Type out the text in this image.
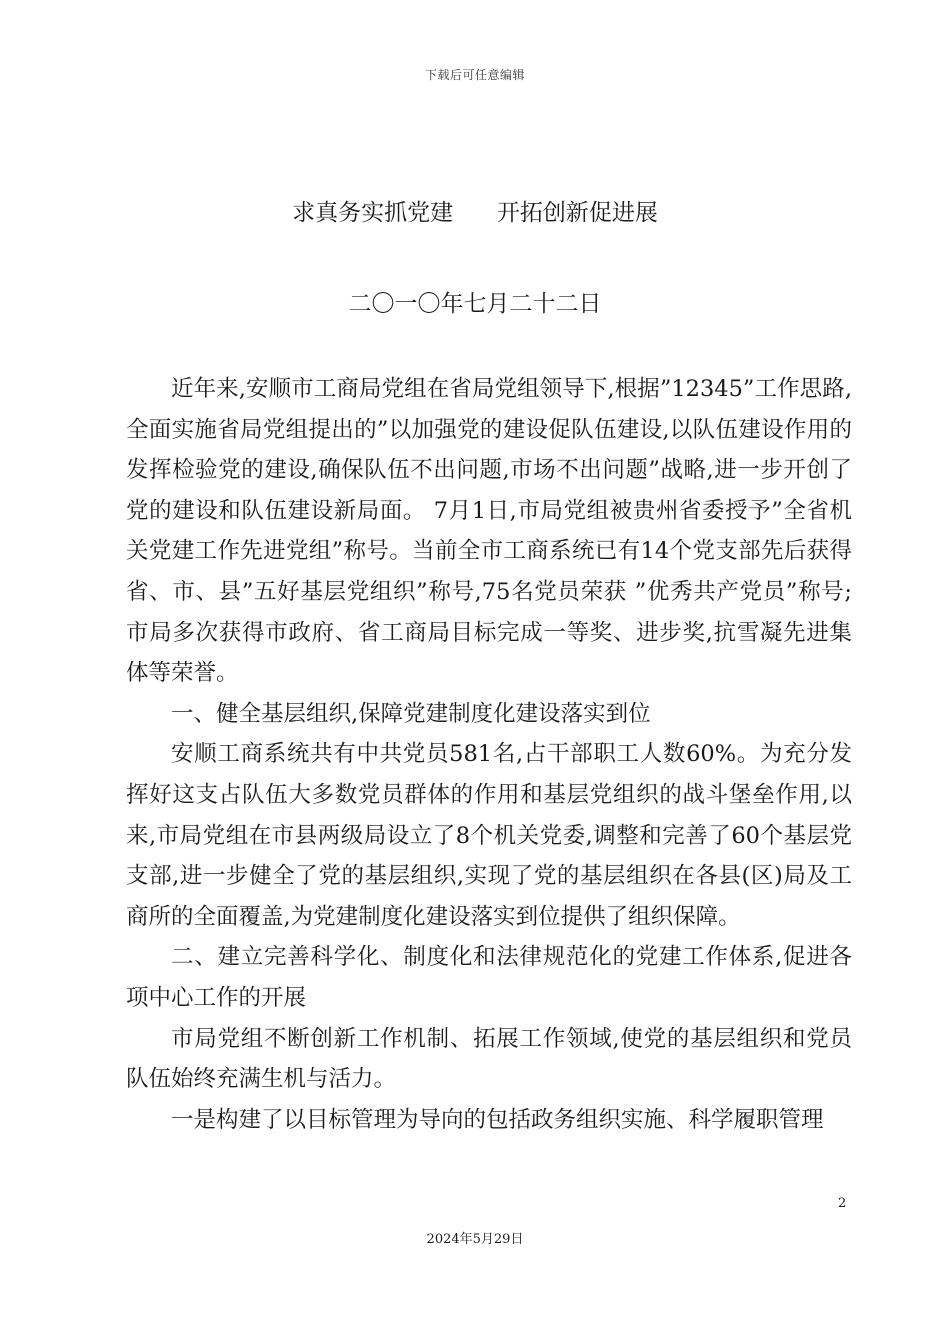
下载后可任意编辑
求真务实抓党建      开拓创新促进展
二〇一〇年七月二十二日

近年来,安顺市工商局党组在省局党组领导下,根据”12345”工作思路,全面实施省局党组提出的”以加强党的建设促队伍建设,以队伍建设作用的发挥检验党的建设,确保队伍不出问题,市场不出问题”战略,进一步开创了党的建设和队伍建设新局面。 7月1日,市局党组被贵州省委授予”全省机关党建工作先进党组”称号。当前全市工商系统已有14个党支部先后获得省、市、县”五好基层党组织”称号,75名党员荣获 ”优秀共产党员”称号;市局多次获得市政府、省工商局目标完成一等奖、进步奖,抗雪凝先进集体等荣誉。

一、健全基层组织,保障党建制度化建设落实到位

安顺工商系统共有中共党员581名,占干部职工人数60%。为充分发挥好这支占队伍大多数党员群体的作用和基层党组织的战斗堡垒作用,以来,市局党组在市县两级局设立了8个机关党委,调整和完善了60个基层党支部,进一步健全了党的基层组织,实现了党的基层组织在各县(区)局及工商所的全面覆盖,为党建制度化建设落实到位提供了组织保障。

二、建立完善科学化、制度化和法律规范化的党建工作体系,促进各项中心工作的开展

市局党组不断创新工作机制、拓展工作领域,使党的基层组织和党员队伍始终充满生机与活力。

一是构建了以目标管理为导向的包括政务组织实施、科学履职管理

2
2024年5月29日
